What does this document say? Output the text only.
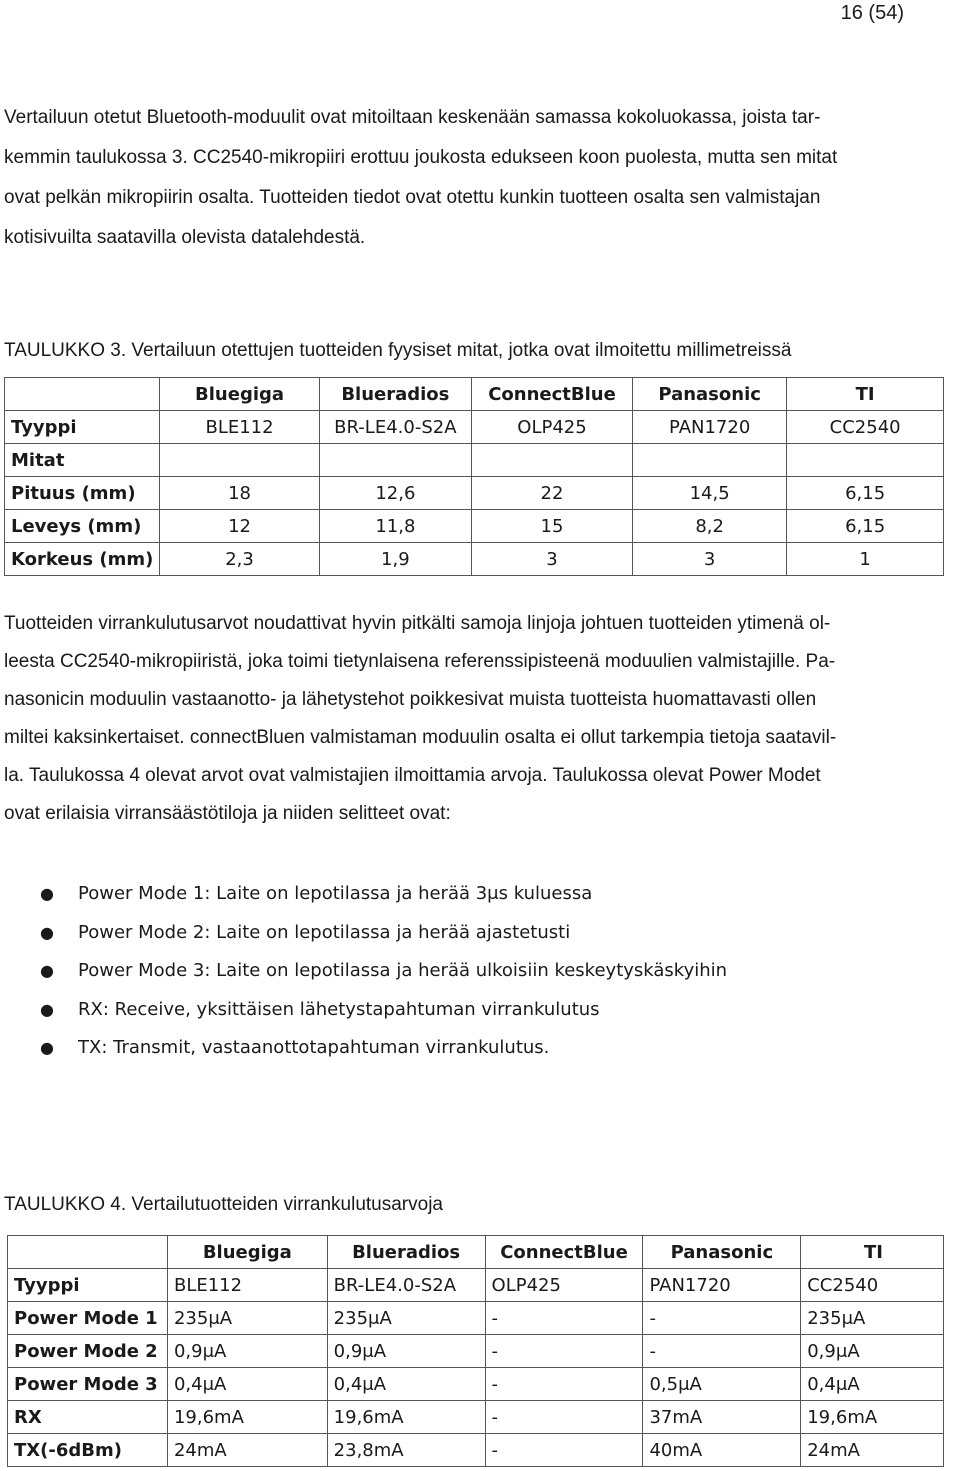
16 (54)
Vertailuun otetut Bluetooth-moduulit ovat mitoiltaan keskenään samassa kokoluokassa, joista tar-
kemmin taulukossa 3. CC2540-mikropiiri erottuu joukosta edukseen koon puolesta, mutta sen mitat
ovat pelkän mikropiirin osalta. Tuotteiden tiedot ovat otettu kunkin tuotteen osalta sen valmistajan
kotisivuilta saatavilla olevista datalehdestä.

TAULUKKO 3. Vertailuun otettujen tuotteiden fyysiset mitat, jotka ovat ilmoitettu millimetreissä

	Bluegiga	Blueradios	ConnectBlue	Panasonic	TI
Tyyppi	BLE112	BR-LE4.0-S2A	OLP425	PAN1720	CC2540
Mitat					
Pituus (mm)	18	12,6	22	14,5	6,15
Leveys (mm)	12	11,8	15	8,2	6,15
Korkeus (mm)	2,3	1,9	3	3	1
Tuotteiden virrankulutusarvot noudattivat hyvin pitkälti samoja linjoja johtuen tuotteiden ytimenä ol-
leesta CC2540-mikropiiristä, joka toimi tietynlaisena referenssipisteenä moduulien valmistajille. Pa-
nasonicin moduulin vastaanotto- ja lähetystehot poikkesivat muista tuotteista huomattavasti ollen
miltei kaksinkertaiset. connectBluen valmistaman moduulin osalta ei ollut tarkempia tietoja saatavil-
la. Taulukossa 4 olevat arvot ovat valmistajien ilmoittamia arvoja. Taulukossa olevat Power Modet
ovat erilaisia virransäästötiloja ja niiden selitteet ovat:
● Power Mode 1: Laite on lepotilassa ja herää 3μs kuluessa
● Power Mode 2: Laite on lepotilassa ja herää ajastetusti
● Power Mode 3: Laite on lepotilassa ja herää ulkoisiin keskeytyskäskyihin
● RX: Receive, yksittäisen lähetystapahtuman virrankulutus
● TX: Transmit, vastaanottotapahtuman virrankulutus.

TAULUKKO 4. Vertailutuotteiden virrankulutusarvoja

	Bluegiga	Blueradios	ConnectBlue	Panasonic	TI
Tyyppi	BLE112	BR-LE4.0-S2A	OLP425	PAN1720	CC2540
Power Mode 1	235μA	235μA	-	-	235μA
Power Mode 2	0,9μA	0,9μA	-	-	0,9μA
Power Mode 3	0,4μA	0,4μA	-	0,5μA	0,4μA
RX	19,6mA	19,6mA	-	37mA	19,6mA
TX(-6dBm)	24mA	23,8mA	-	40mA	24mA
